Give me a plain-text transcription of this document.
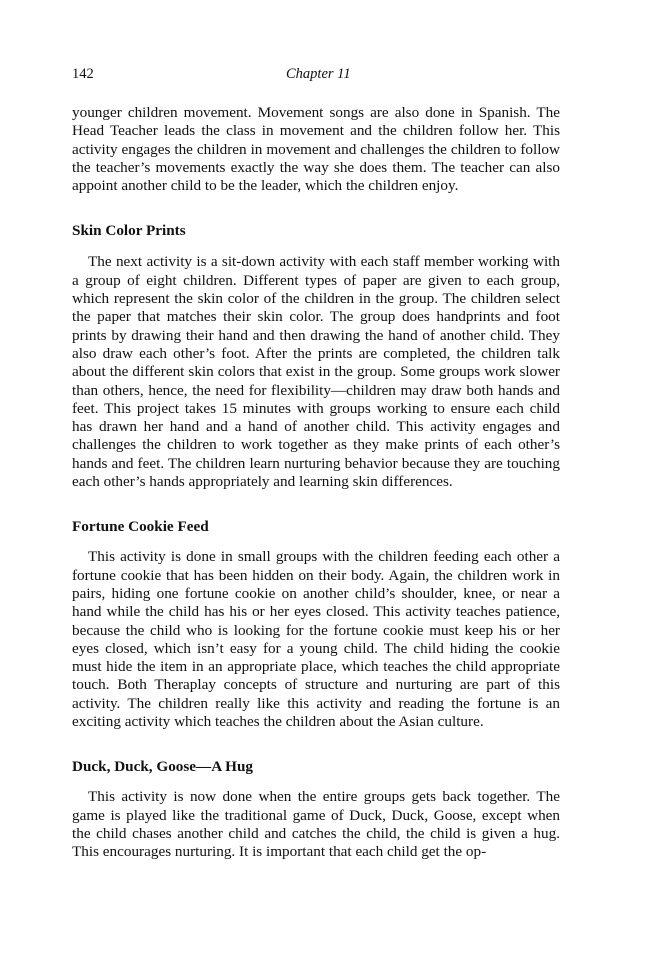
142	Chapter 11

younger children movement. Movement songs are also done in Spanish. The Head Teacher leads the class in movement and the children follow her. This activity engages the children in movement and challenges the children to follow the teacher’s movements exactly the way she does them. The teacher can also appoint another child to be the leader, which the children enjoy.

Skin Color Prints

The next activity is a sit-down activity with each staff member working with a group of eight children. Different types of paper are given to each group, which represent the skin color of the children in the group. The children select the paper that matches their skin color. The group does handprints and foot prints by drawing their hand and then drawing the hand of another child. They also draw each other’s foot. After the prints are completed, the children talk about the different skin colors that exist in the group. Some groups work slower than others, hence, the need for flexibility—children may draw both hands and feet. This project takes 15 minutes with groups working to ensure each child has drawn her hand and a hand of another child. This activity engages and challenges the children to work together as they make prints of each other’s hands and feet. The children learn nurturing behavior because they are touching each other’s hands appropriately and learning skin differences.

Fortune Cookie Feed

This activity is done in small groups with the children feeding each other a fortune cookie that has been hidden on their body. Again, the children work in pairs, hiding one fortune cookie on another child’s shoulder, knee, or near a hand while the child has his or her eyes closed. This activity teaches patience, because the child who is looking for the fortune cookie must keep his or her eyes closed, which isn’t easy for a young child. The child hiding the cookie must hide the item in an appropriate place, which teaches the child appropriate touch. Both Theraplay concepts of structure and nurturing are part of this activity. The children really like this activity and reading the fortune is an exciting activity which teaches the children about the Asian culture.

Duck, Duck, Goose—A Hug

This activity is now done when the entire groups gets back together. The game is played like the traditional game of Duck, Duck, Goose, except when the child chases another child and catches the child, the child is given a hug. This encourages nurturing. It is important that each child get the op-
